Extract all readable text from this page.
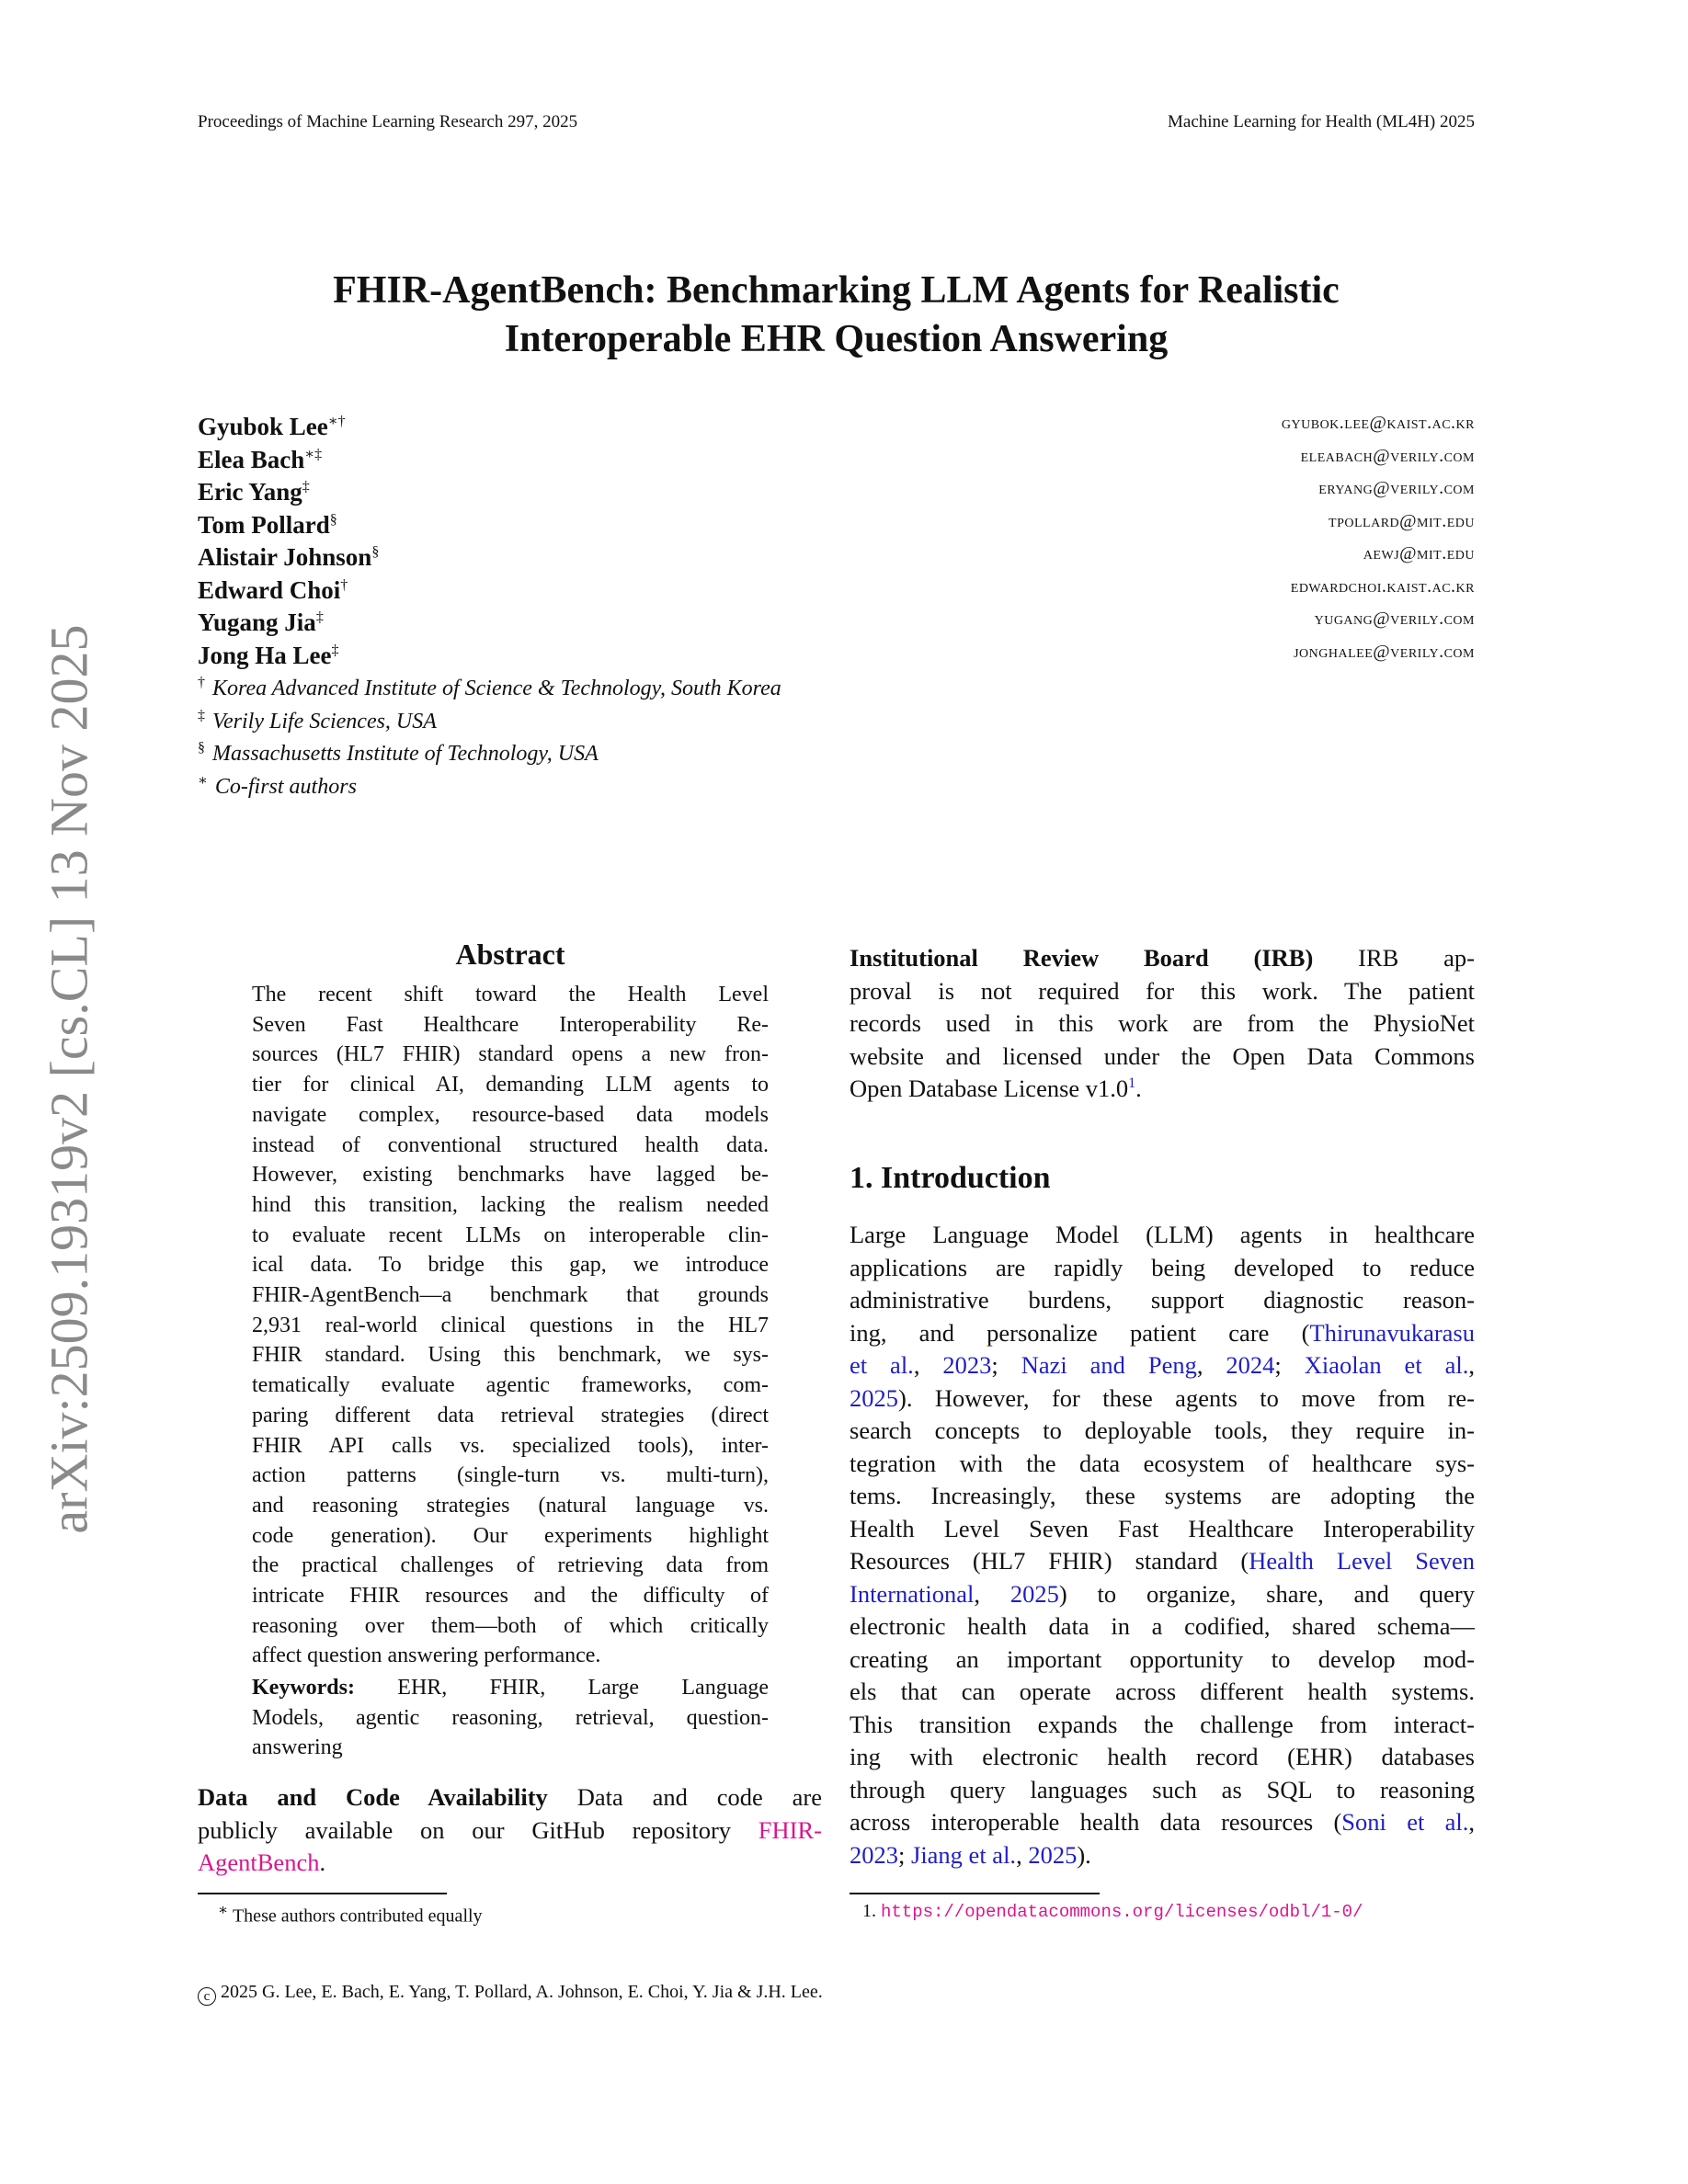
Proceedings of Machine Learning Research 297, 2025	Machine Learning for Health (ML4H) 2025
FHIR-AgentBench: Benchmarking LLM Agents for Realistic
Interoperable EHR Question Answering
arXiv:2509.19319v2 [cs.CL] 13 Nov 2025
Gyubok Lee∗†	gyubok.lee@kaist.ac.kr
Elea Bach∗‡	eleabach@verily.com
Eric Yang‡	eryang@verily.com
Tom Pollard§	tpollard@mit.edu
Alistair Johnson§	aewj@mit.edu
Edward Choi†	edwardchoi.kaist.ac.kr
Yugang Jia‡	yugang@verily.com
Jong Ha Lee‡	jonghalee@verily.com
† Korea Advanced Institute of Science & Technology, South Korea
‡ Verily Life Sciences, USA
§ Massachusetts Institute of Technology, USA
∗ Co-first authors
Abstract
The recent shift toward the Health Level
Seven Fast Healthcare Interoperability Re-
sources (HL7 FHIR) standard opens a new fron-
tier for clinical AI, demanding LLM agents to
navigate complex, resource-based data models
instead of conventional structured health data.
However, existing benchmarks have lagged be-
hind this transition, lacking the realism needed
to evaluate recent LLMs on interoperable clin-
ical data. To bridge this gap, we introduce
FHIR-AgentBench—a benchmark that grounds
2,931 real-world clinical questions in the HL7
FHIR standard. Using this benchmark, we sys-
tematically evaluate agentic frameworks, com-
paring different data retrieval strategies (direct
FHIR API calls vs. specialized tools), inter-
action patterns (single-turn vs. multi-turn),
and reasoning strategies (natural language vs.
code generation). Our experiments highlight
the practical challenges of retrieving data from
intricate FHIR resources and the difficulty of
reasoning over them—both of which critically
affect question answering performance.
Keywords: EHR, FHIR, Large Language
Models, agentic reasoning, retrieval, question-
answering
Data and Code Availability Data and code are
publicly available on our GitHub repository FHIR-
AgentBench.
∗ These authors contributed equally
Institutional Review Board (IRB) IRB ap-
proval is not required for this work. The patient
records used in this work are from the PhysioNet
website and licensed under the Open Data Commons
Open Database License $v1.0^1$.
1. Introduction
Large Language Model (LLM) agents in healthcare
applications are rapidly being developed to reduce
administrative burdens, support diagnostic reason-
ing, and personalize patient care (Thirunavukarasu
et al., 2023; Nazi and Peng, 2024; Xiaolan et al.,
2025). However, for these agents to move from re-
search concepts to deployable tools, they require in-
tegration with the data ecosystem of healthcare sys-
tems. Increasingly, these systems are adopting the
Health Level Seven Fast Healthcare Interoperability
Resources (HL7 FHIR) standard (Health Level Seven
International, 2025) to organize, share, and query
electronic health data in a codified, shared schema—
creating an important opportunity to develop mod-
els that can operate across different health systems.
This transition expands the challenge from interact-
ing with electronic health record (EHR) databases
through query languages such as SQL to reasoning
across interoperable health data resources (Soni et al.,
2023; Jiang et al., 2025).
1. https://opendatacommons.org/licenses/odbl/1-0/
c 2025 G. Lee, E. Bach, E. Yang, T. Pollard, A. Johnson, E. Choi, Y. Jia & J.H. Lee.
